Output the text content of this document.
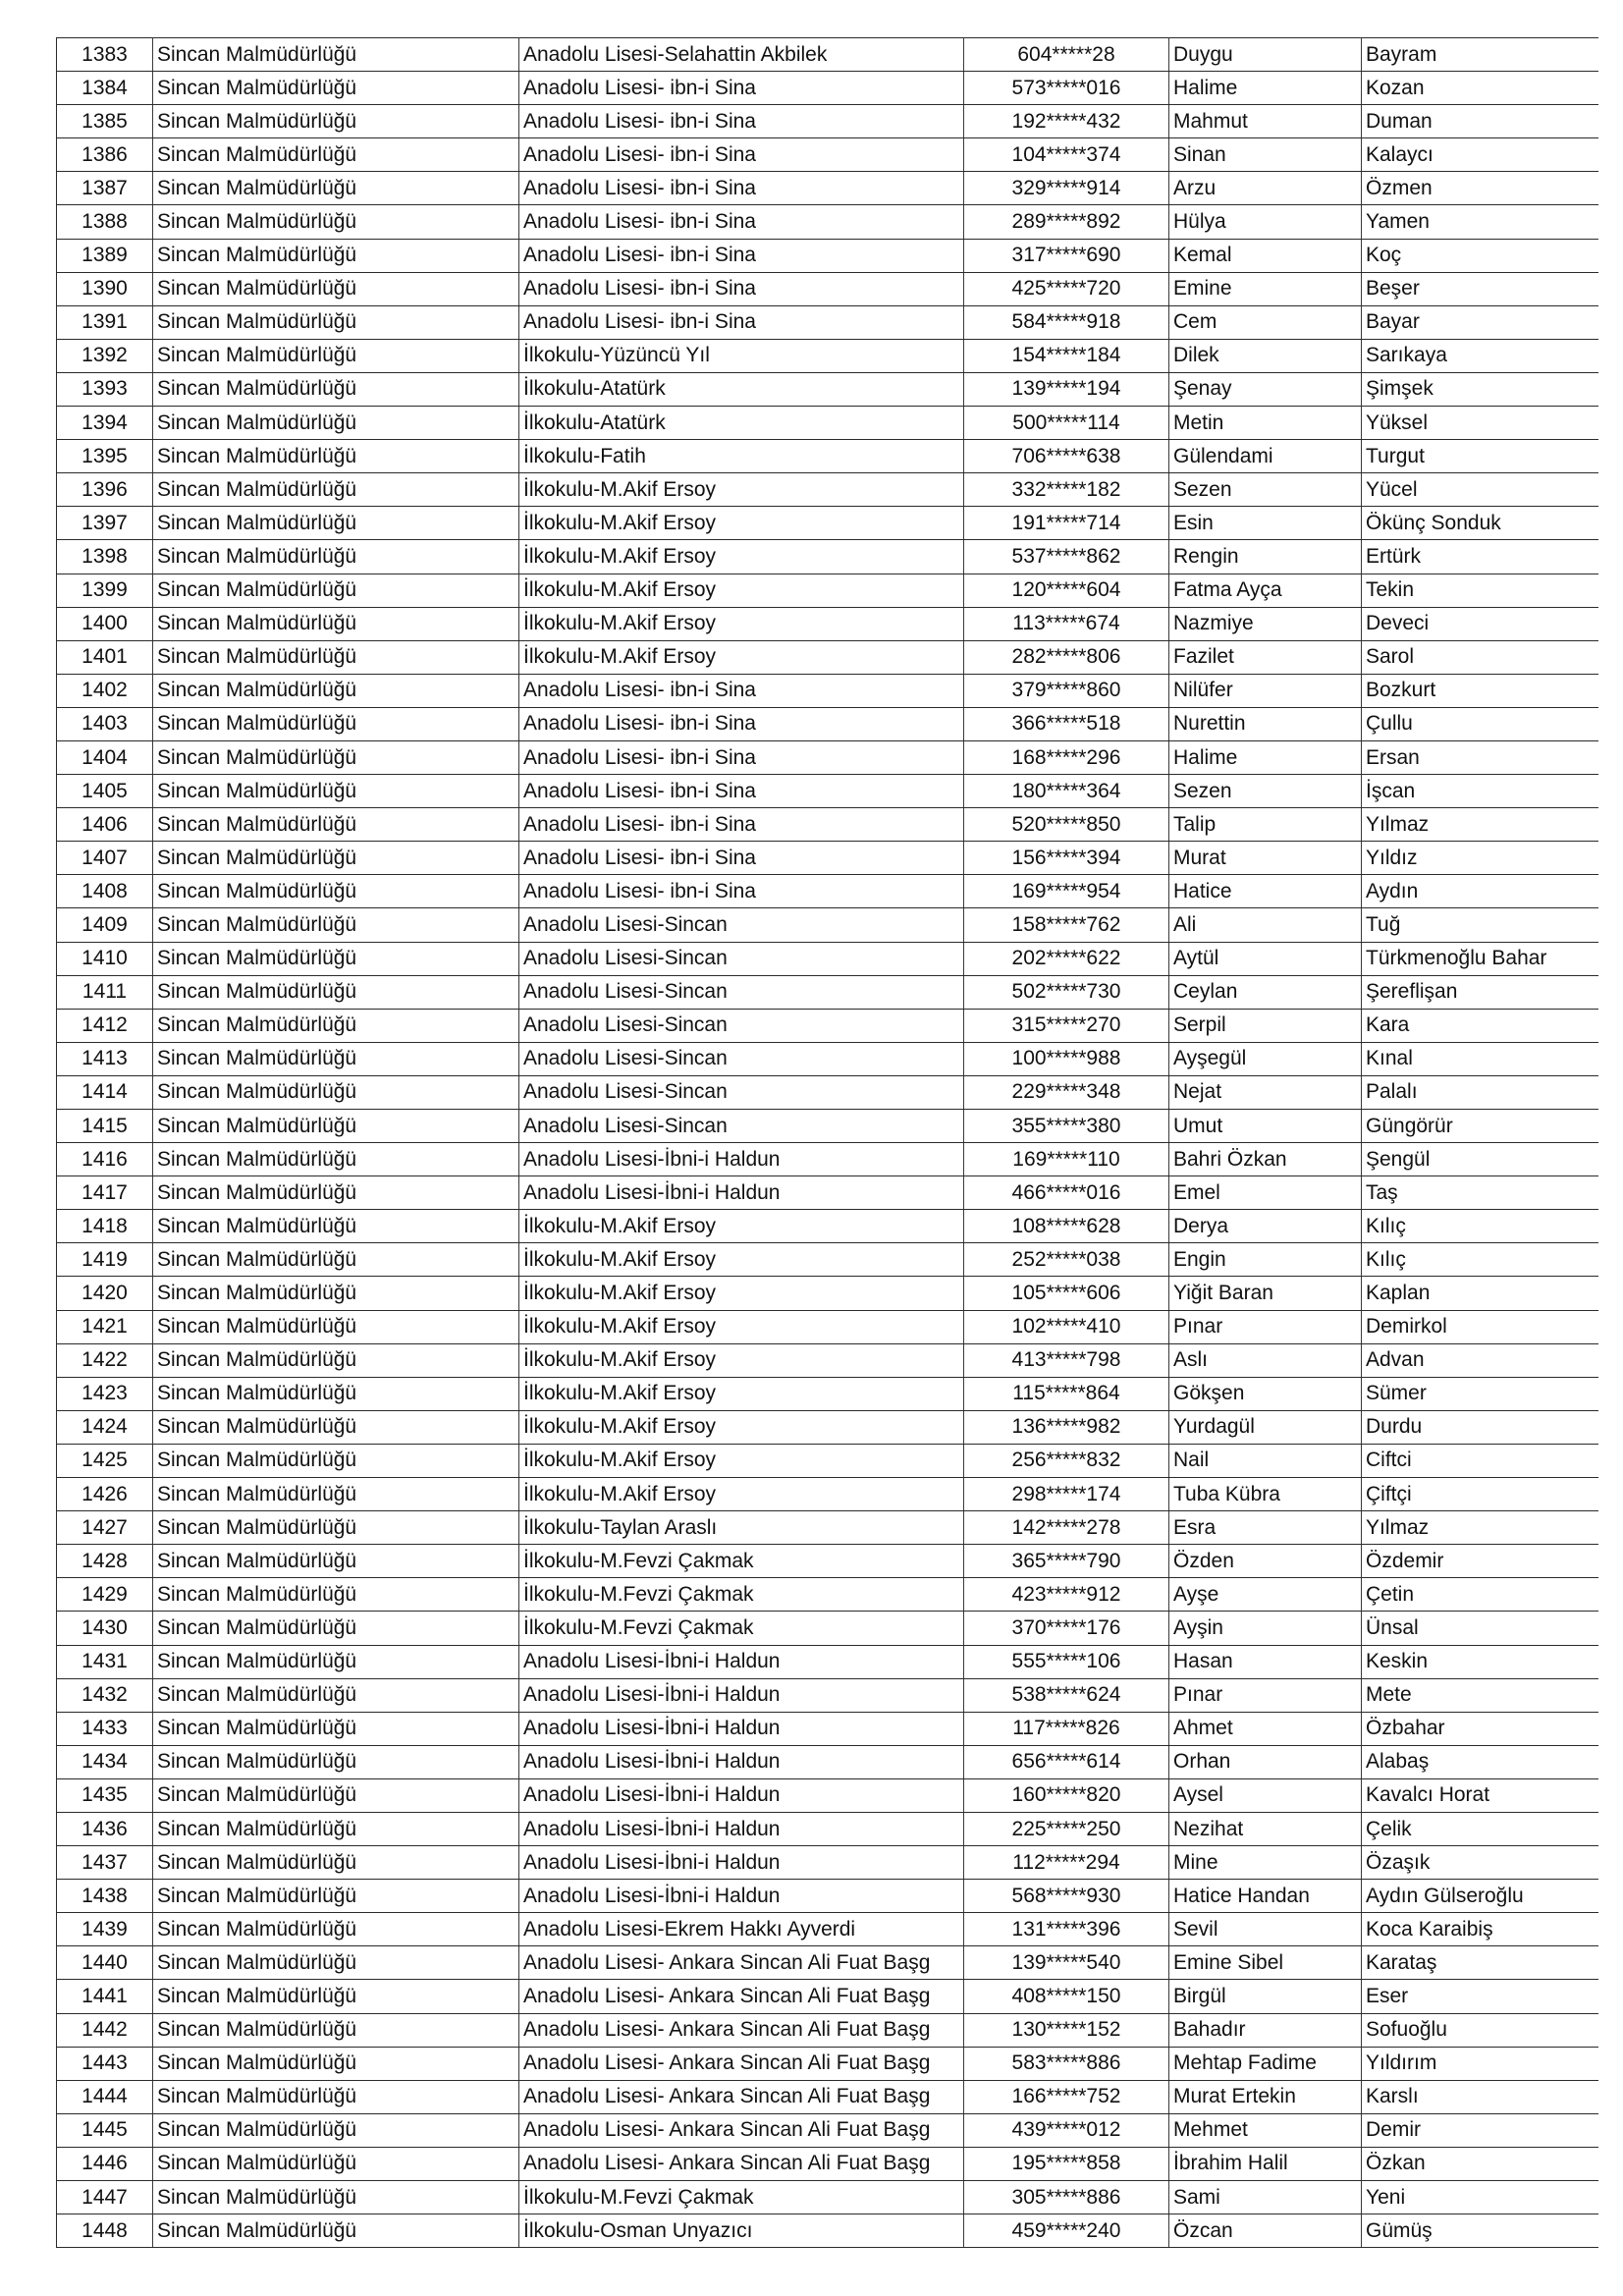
1383	Sincan Malmüdürlüğü	Anadolu Lisesi-Selahattin Akbilek	604*****28	Duygu	Bayram
1384	Sincan Malmüdürlüğü	Anadolu Lisesi- ibn-i Sina	573*****016	Halime	Kozan
1385	Sincan Malmüdürlüğü	Anadolu Lisesi- ibn-i Sina	192*****432	Mahmut	Duman
1386	Sincan Malmüdürlüğü	Anadolu Lisesi- ibn-i Sina	104*****374	Sinan	Kalaycı
1387	Sincan Malmüdürlüğü	Anadolu Lisesi- ibn-i Sina	329*****914	Arzu	Özmen
1388	Sincan Malmüdürlüğü	Anadolu Lisesi- ibn-i Sina	289*****892	Hülya	Yamen
1389	Sincan Malmüdürlüğü	Anadolu Lisesi- ibn-i Sina	317*****690	Kemal	Koç
1390	Sincan Malmüdürlüğü	Anadolu Lisesi- ibn-i Sina	425*****720	Emine	Beşer
1391	Sincan Malmüdürlüğü	Anadolu Lisesi- ibn-i Sina	584*****918	Cem	Bayar
1392	Sincan Malmüdürlüğü	İlkokulu-Yüzüncü Yıl	154*****184	Dilek	Sarıkaya
1393	Sincan Malmüdürlüğü	İlkokulu-Atatürk	139*****194	Şenay	Şimşek
1394	Sincan Malmüdürlüğü	İlkokulu-Atatürk	500*****114	Metin	Yüksel
1395	Sincan Malmüdürlüğü	İlkokulu-Fatih	706*****638	Gülendami	Turgut
1396	Sincan Malmüdürlüğü	İlkokulu-M.Akif Ersoy	332*****182	Sezen	Yücel
1397	Sincan Malmüdürlüğü	İlkokulu-M.Akif Ersoy	191*****714	Esin	Ökünç Sonduk
1398	Sincan Malmüdürlüğü	İlkokulu-M.Akif Ersoy	537*****862	Rengin	Ertürk
1399	Sincan Malmüdürlüğü	İlkokulu-M.Akif Ersoy	120*****604	Fatma Ayça	Tekin
1400	Sincan Malmüdürlüğü	İlkokulu-M.Akif Ersoy	113*****674	Nazmiye	Deveci
1401	Sincan Malmüdürlüğü	İlkokulu-M.Akif Ersoy	282*****806	Fazilet	Sarol
1402	Sincan Malmüdürlüğü	Anadolu Lisesi- ibn-i Sina	379*****860	Nilüfer	Bozkurt
1403	Sincan Malmüdürlüğü	Anadolu Lisesi- ibn-i Sina	366*****518	Nurettin	Çullu
1404	Sincan Malmüdürlüğü	Anadolu Lisesi- ibn-i Sina	168*****296	Halime	Ersan
1405	Sincan Malmüdürlüğü	Anadolu Lisesi- ibn-i Sina	180*****364	Sezen	İşcan
1406	Sincan Malmüdürlüğü	Anadolu Lisesi- ibn-i Sina	520*****850	Talip	Yılmaz
1407	Sincan Malmüdürlüğü	Anadolu Lisesi- ibn-i Sina	156*****394	Murat	Yıldız
1408	Sincan Malmüdürlüğü	Anadolu Lisesi- ibn-i Sina	169*****954	Hatice	Aydın
1409	Sincan Malmüdürlüğü	Anadolu Lisesi-Sincan	158*****762	Ali	Tuğ
1410	Sincan Malmüdürlüğü	Anadolu Lisesi-Sincan	202*****622	Aytül	Türkmenoğlu Bahar
1411	Sincan Malmüdürlüğü	Anadolu Lisesi-Sincan	502*****730	Ceylan	Şereflişan
1412	Sincan Malmüdürlüğü	Anadolu Lisesi-Sincan	315*****270	Serpil	Kara
1413	Sincan Malmüdürlüğü	Anadolu Lisesi-Sincan	100*****988	Ayşegül	Kınal
1414	Sincan Malmüdürlüğü	Anadolu Lisesi-Sincan	229*****348	Nejat	Palalı
1415	Sincan Malmüdürlüğü	Anadolu Lisesi-Sincan	355*****380	Umut	Güngörür
1416	Sincan Malmüdürlüğü	Anadolu Lisesi-İbni-i Haldun	169*****110	Bahri Özkan	Şengül
1417	Sincan Malmüdürlüğü	Anadolu Lisesi-İbni-i Haldun	466*****016	Emel	Taş
1418	Sincan Malmüdürlüğü	İlkokulu-M.Akif Ersoy	108*****628	Derya	Kılıç
1419	Sincan Malmüdürlüğü	İlkokulu-M.Akif Ersoy	252*****038	Engin	Kılıç
1420	Sincan Malmüdürlüğü	İlkokulu-M.Akif Ersoy	105*****606	Yiğit Baran	Kaplan
1421	Sincan Malmüdürlüğü	İlkokulu-M.Akif Ersoy	102*****410	Pınar	Demirkol
1422	Sincan Malmüdürlüğü	İlkokulu-M.Akif Ersoy	413*****798	Aslı	Advan
1423	Sincan Malmüdürlüğü	İlkokulu-M.Akif Ersoy	115*****864	Gökşen	Sümer
1424	Sincan Malmüdürlüğü	İlkokulu-M.Akif Ersoy	136*****982	Yurdagül	Durdu
1425	Sincan Malmüdürlüğü	İlkokulu-M.Akif Ersoy	256*****832	Nail	Ciftci
1426	Sincan Malmüdürlüğü	İlkokulu-M.Akif Ersoy	298*****174	Tuba Kübra	Çiftçi
1427	Sincan Malmüdürlüğü	İlkokulu-Taylan Araslı	142*****278	Esra	Yılmaz
1428	Sincan Malmüdürlüğü	İlkokulu-M.Fevzi Çakmak	365*****790	Özden	Özdemir
1429	Sincan Malmüdürlüğü	İlkokulu-M.Fevzi Çakmak	423*****912	Ayşe	Çetin
1430	Sincan Malmüdürlüğü	İlkokulu-M.Fevzi Çakmak	370*****176	Ayşin	Ünsal
1431	Sincan Malmüdürlüğü	Anadolu Lisesi-İbni-i Haldun	555*****106	Hasan	Keskin
1432	Sincan Malmüdürlüğü	Anadolu Lisesi-İbni-i Haldun	538*****624	Pınar	Mete
1433	Sincan Malmüdürlüğü	Anadolu Lisesi-İbni-i Haldun	117*****826	Ahmet	Özbahar
1434	Sincan Malmüdürlüğü	Anadolu Lisesi-İbni-i Haldun	656*****614	Orhan	Alabaş
1435	Sincan Malmüdürlüğü	Anadolu Lisesi-İbni-i Haldun	160*****820	Aysel	Kavalcı Horat
1436	Sincan Malmüdürlüğü	Anadolu Lisesi-İbni-i Haldun	225*****250	Nezihat	Çelik
1437	Sincan Malmüdürlüğü	Anadolu Lisesi-İbni-i Haldun	112*****294	Mine	Özaşık
1438	Sincan Malmüdürlüğü	Anadolu Lisesi-İbni-i Haldun	568*****930	Hatice Handan	Aydın Gülseroğlu
1439	Sincan Malmüdürlüğü	Anadolu Lisesi-Ekrem Hakkı Ayverdi	131*****396	Sevil	Koca Karaibiş
1440	Sincan Malmüdürlüğü	Anadolu Lisesi- Ankara Sincan Ali Fuat Başg	139*****540	Emine Sibel	Karataş
1441	Sincan Malmüdürlüğü	Anadolu Lisesi- Ankara Sincan Ali Fuat Başg	408*****150	Birgül	Eser
1442	Sincan Malmüdürlüğü	Anadolu Lisesi- Ankara Sincan Ali Fuat Başg	130*****152	Bahadır	Sofuoğlu
1443	Sincan Malmüdürlüğü	Anadolu Lisesi- Ankara Sincan Ali Fuat Başg	583*****886	Mehtap Fadime	Yıldırım
1444	Sincan Malmüdürlüğü	Anadolu Lisesi- Ankara Sincan Ali Fuat Başg	166*****752	Murat Ertekin	Karslı
1445	Sincan Malmüdürlüğü	Anadolu Lisesi- Ankara Sincan Ali Fuat Başg	439*****012	Mehmet	Demir
1446	Sincan Malmüdürlüğü	Anadolu Lisesi- Ankara Sincan Ali Fuat Başg	195*****858	İbrahim Halil	Özkan
1447	Sincan Malmüdürlüğü	İlkokulu-M.Fevzi Çakmak	305*****886	Sami	Yeni
1448	Sincan Malmüdürlüğü	İlkokulu-Osman Unyazıcı	459*****240	Özcan	Gümüş
